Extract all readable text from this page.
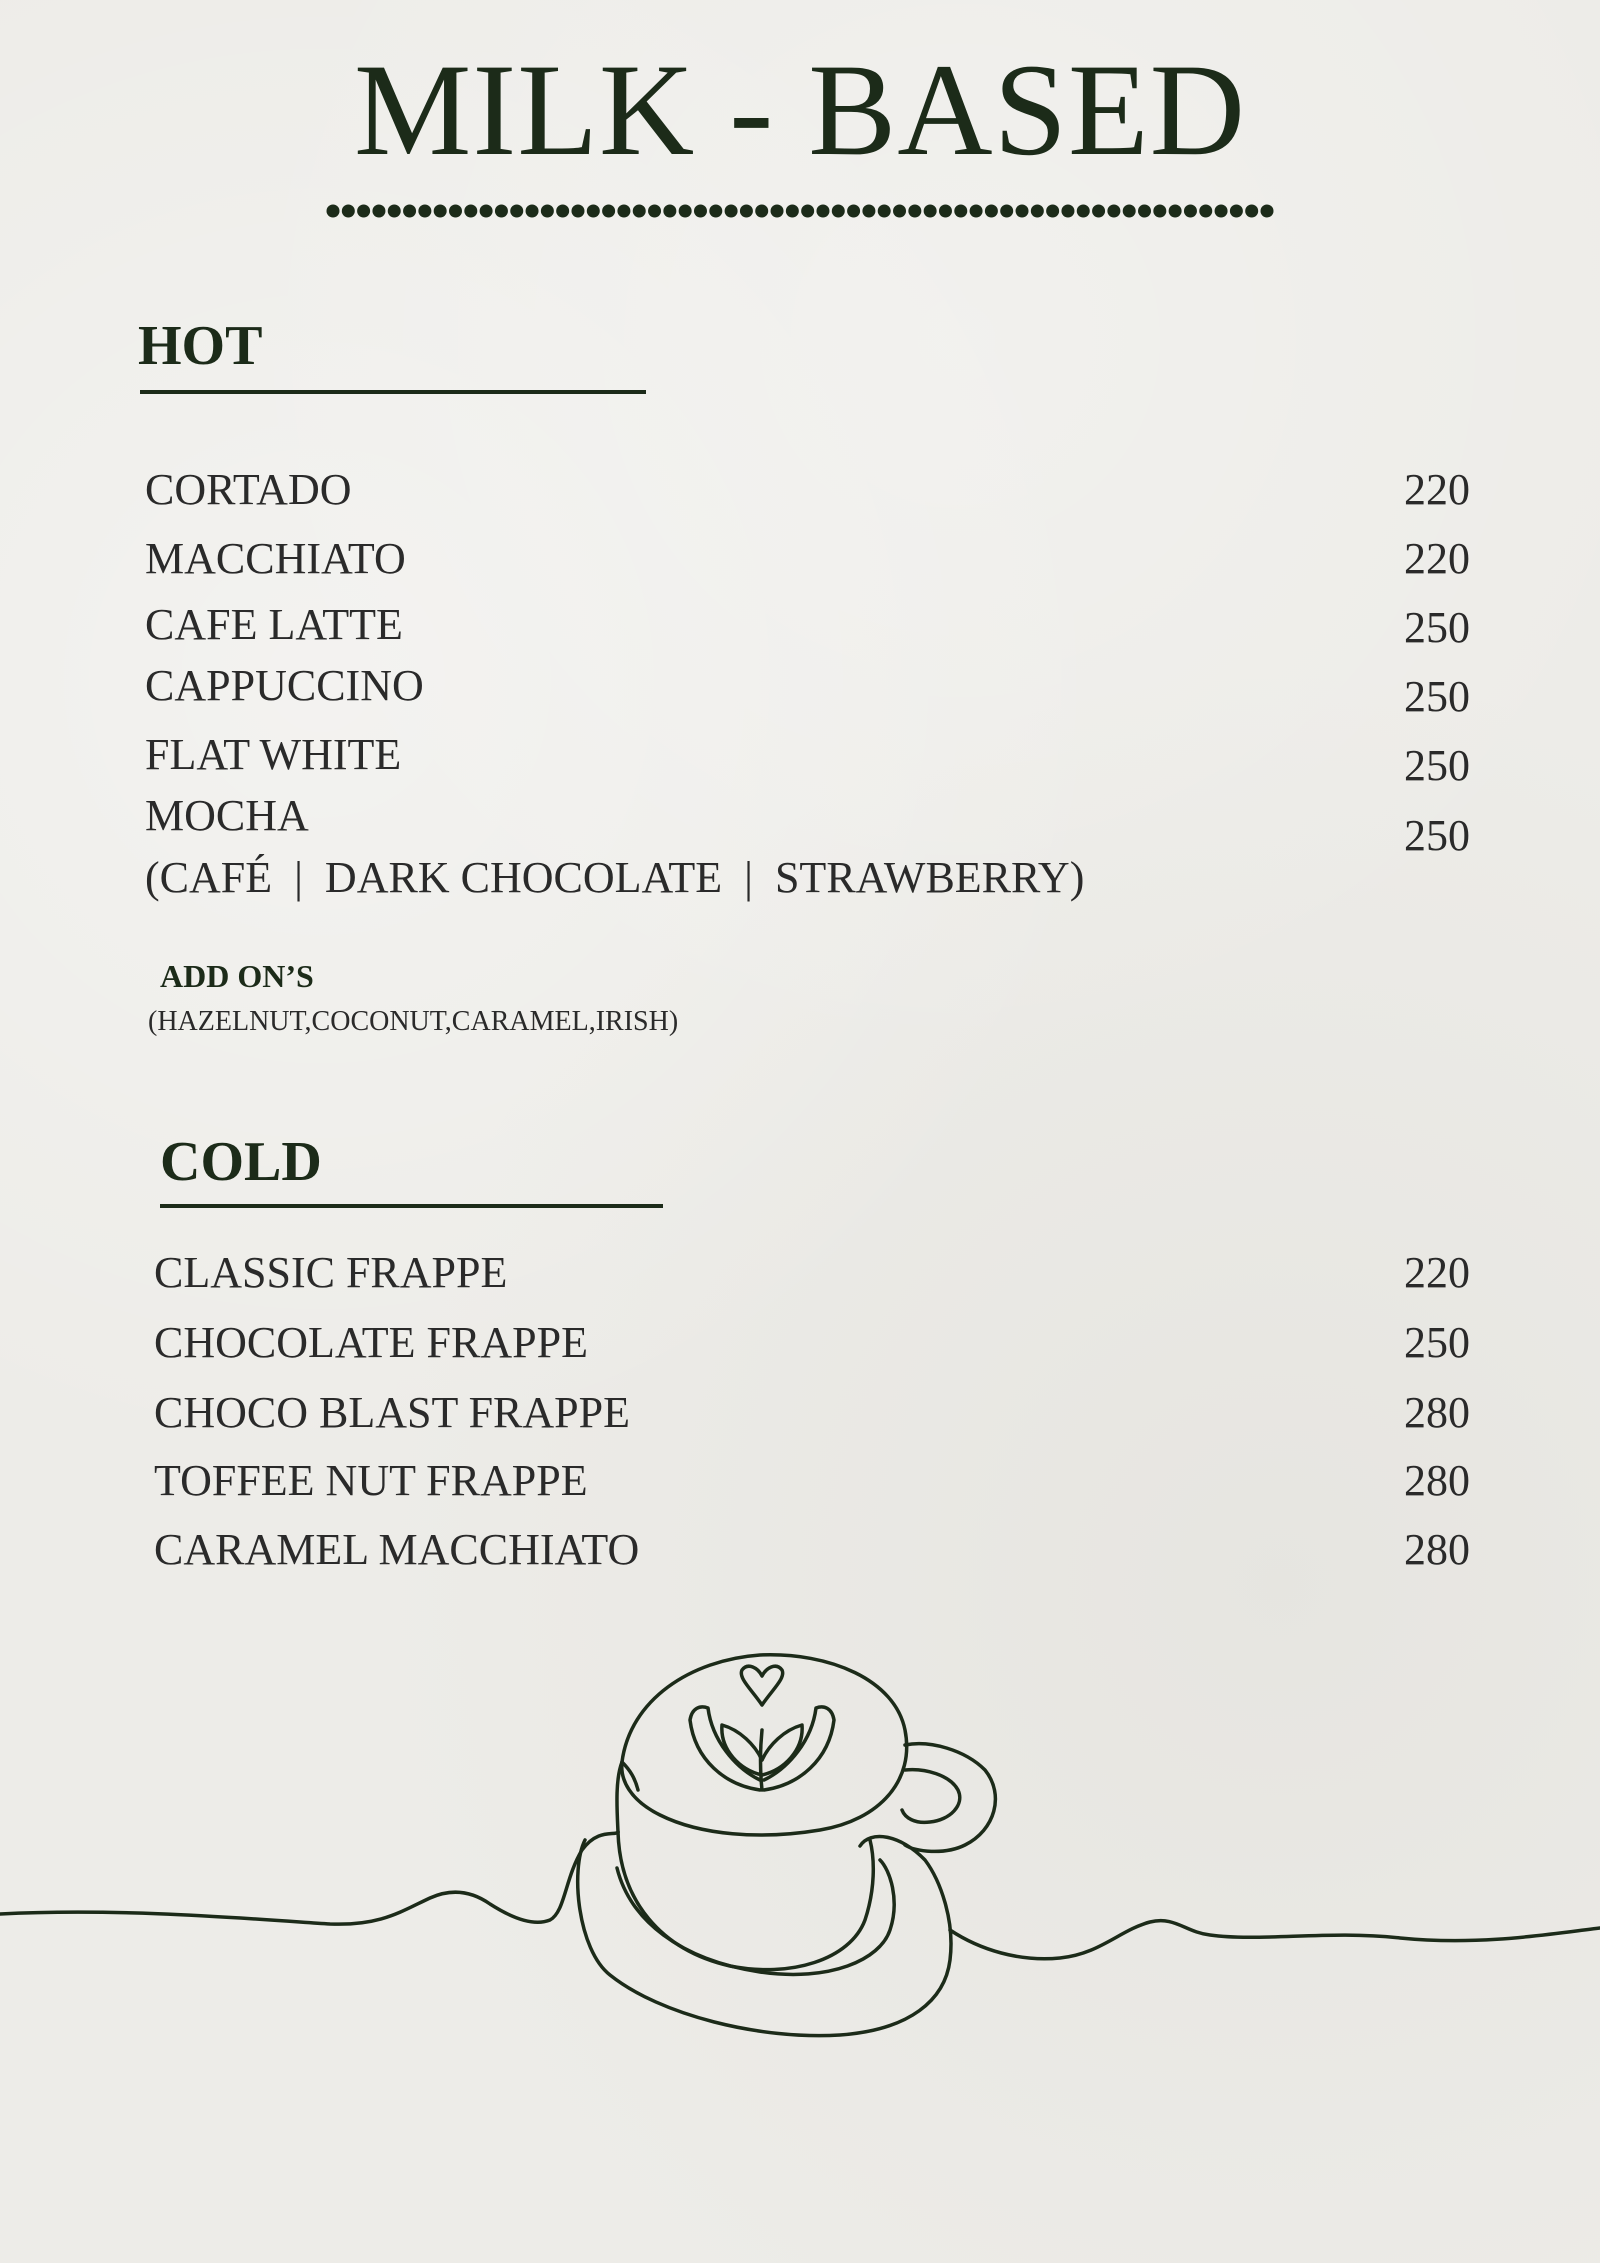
MILK - BASED
HOT
CORTADO	220
MACCHIATO	220
CAFE LATTE	250
CAPPUCCINO	250
FLAT WHITE	250
MOCHA	250
(CAFÉ  |  DARK CHOCOLATE  |  STRAWBERRY)
ADD ON’S
(HAZELNUT,COCONUT,CARAMEL,IRISH)
COLD
CLASSIC FRAPPE	220
CHOCOLATE FRAPPE	250
CHOCO BLAST FRAPPE	280
TOFFEE NUT FRAPPE	280
CARAMEL MACCHIATO	280
